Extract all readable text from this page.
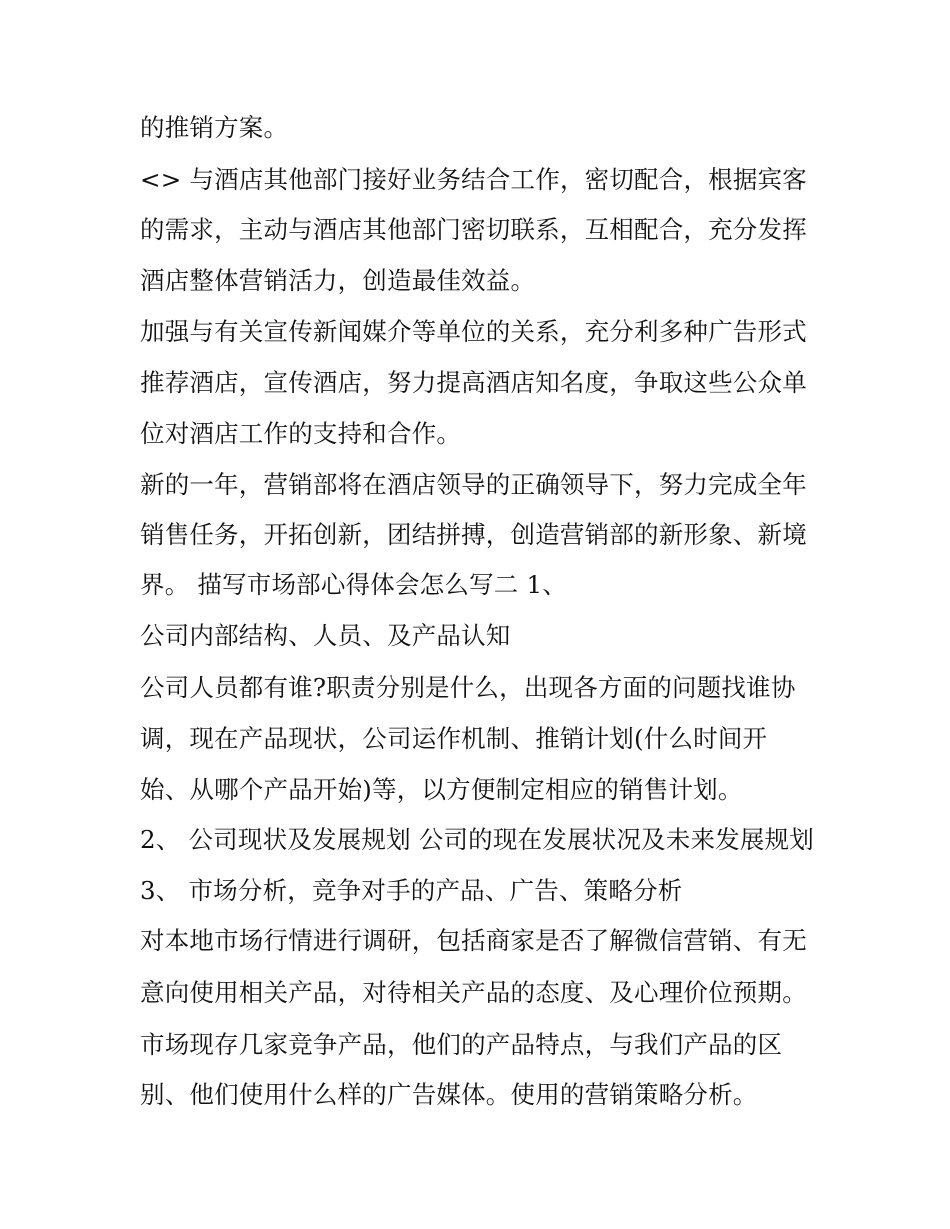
的推销方案。
<> 与酒店其他部门接好业务结合工作，密切配合，根据宾客
的需求，主动与酒店其他部门密切联系，互相配合，充分发挥
酒店整体营销活力，创造最佳效益。
加强与有关宣传新闻媒介等单位的关系，充分利多种广告形式
推荐酒店，宣传酒店，努力提高酒店知名度，争取这些公众单
位对酒店工作的支持和合作。
新的一年，营销部将在酒店领导的正确领导下，努力完成全年
销售任务，开拓创新，团结拼搏，创造营销部的新形象、新境
界。 描写市场部心得体会怎么写二 1、
公司内部结构、人员、及产品认知
公司人员都有谁?职责分别是什么，出现各方面的问题找谁协
调，现在产品现状，公司运作机制、推销计划(什么时间开
始、从哪个产品开始)等，以方便制定相应的销售计划。
2、 公司现状及发展规划 公司的现在发展状况及未来发展规划
3、 市场分析，竞争对手的产品、广告、策略分析
对本地市场行情进行调研，包括商家是否了解微信营销、有无
意向使用相关产品，对待相关产品的态度、及心理价位预期。
市场现存几家竞争产品，他们的产品特点，与我们产品的区
别、他们使用什么样的广告媒体。使用的营销策略分析。
